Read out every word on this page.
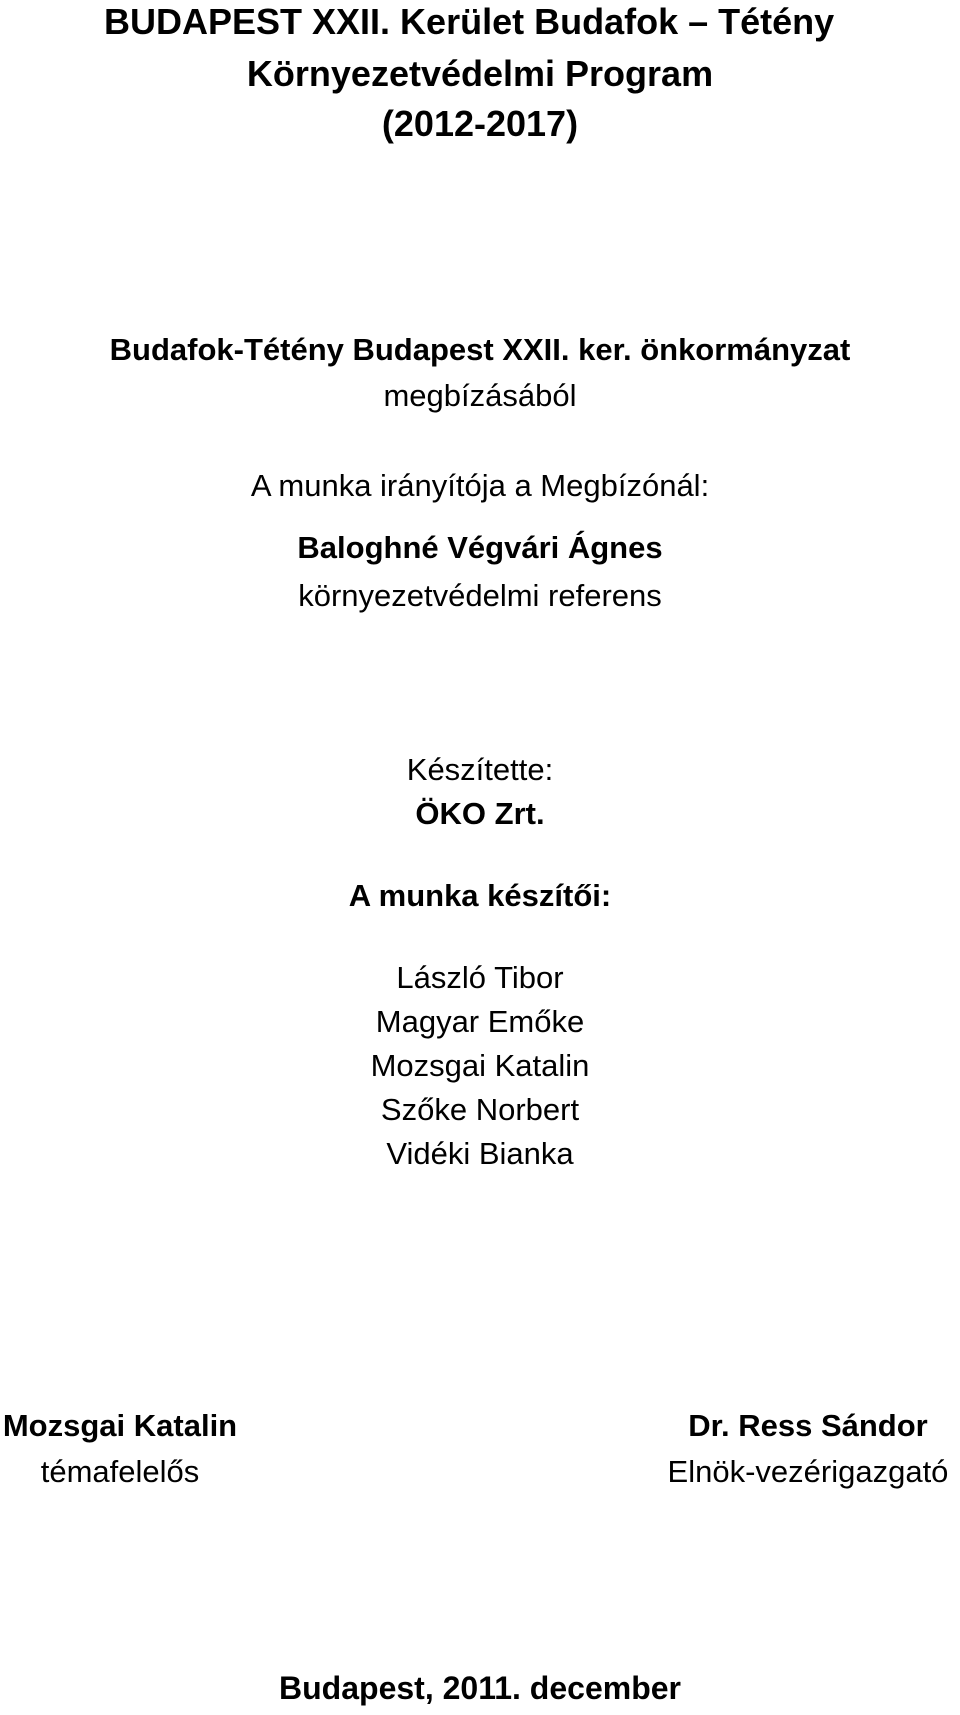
BUDAPEST XXII. Kerület Budafok – Tétény
Környezetvédelmi Program
(2012-2017)
Budafok-Tétény Budapest XXII. ker. önkormányzat
megbízásából
A munka irányítója a Megbízónál:
Baloghné Végvári Ágnes
környezetvédelmi referens
Készítette:
ÖKO Zrt.
A munka készítői:
László Tibor
Magyar Emőke
Mozsgai Katalin
Szőke Norbert
Vidéki Bianka
Mozsgai Katalin
témafelelős
Dr. Ress Sándor
Elnök-vezérigazgató
Budapest, 2011. december
